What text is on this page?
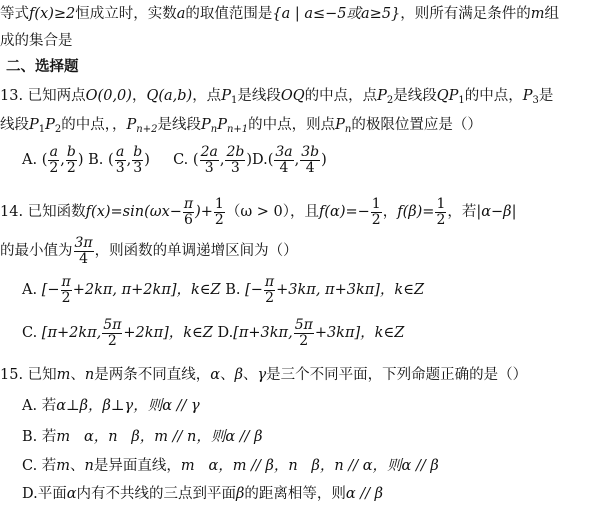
等式f(x)≥2恒成立时，实数a的取值范围是{a | a≤−5或a≥5}，则所有满足条件的m组
成的集合是
二、选择题
13. 已知两点O(0,0)，Q(a,b)，点$P_1$是线段OQ的中点，点$P_2$是线段$QP_1$的中点，$P_3$是
线段$P_1P_2$的中点，，$P_{n+2}$是线段$P_nP_{n+1}$的中点，则点$P_n$的极限位置应是（）
A. ( $\frac{a}{2}$ , $\frac{b}{2}$ ) B. ( $\frac{a}{3}$ , $\frac{b}{3}$ ) C. ( $\frac{2a}{3}$ , $\frac{2b}{3} )D.( \frac{3a}{4}$ , $\frac{3b}{4}$ )
14. 已知函数$f(x)=\sin(\omega x- \frac{\pi}{6}$ )+ $\frac{1}{2} (\omega > 0)$，且$f(\alpha)=- \frac{1}{2}$ ，$f(\beta)= \frac{1}{2}$ ，若|α−β|
的最小值为 $\frac{3\pi}{4}$ ，则函数的单调递增区间为（）
A. [− $\frac{\pi}{2} +2k\pi$, π+2kπ]，k∈Z B. [− $\frac{\pi}{2} +3k\pi$, π+3kπ]，k∈Z
C. [π+2kπ, $\frac{5\pi}{2} +2k\pi$]，k∈Z D.[π+3kπ, $\frac{5\pi}{2} +3k\pi$]，k∈Z
15. 已知m、n是两条不同直线，α、β、γ是三个不同平面，下列命题正确的是（）
A. 若α⊥β，β⊥γ，则α // γ
B. 若m   α，n   β，m // n，则α // β
C. 若m、n是异面直线，m   α，m // β，n   β，n // α，则α // β
D.平面α内有不共线的三点到平面β的距离相等，则α // β
